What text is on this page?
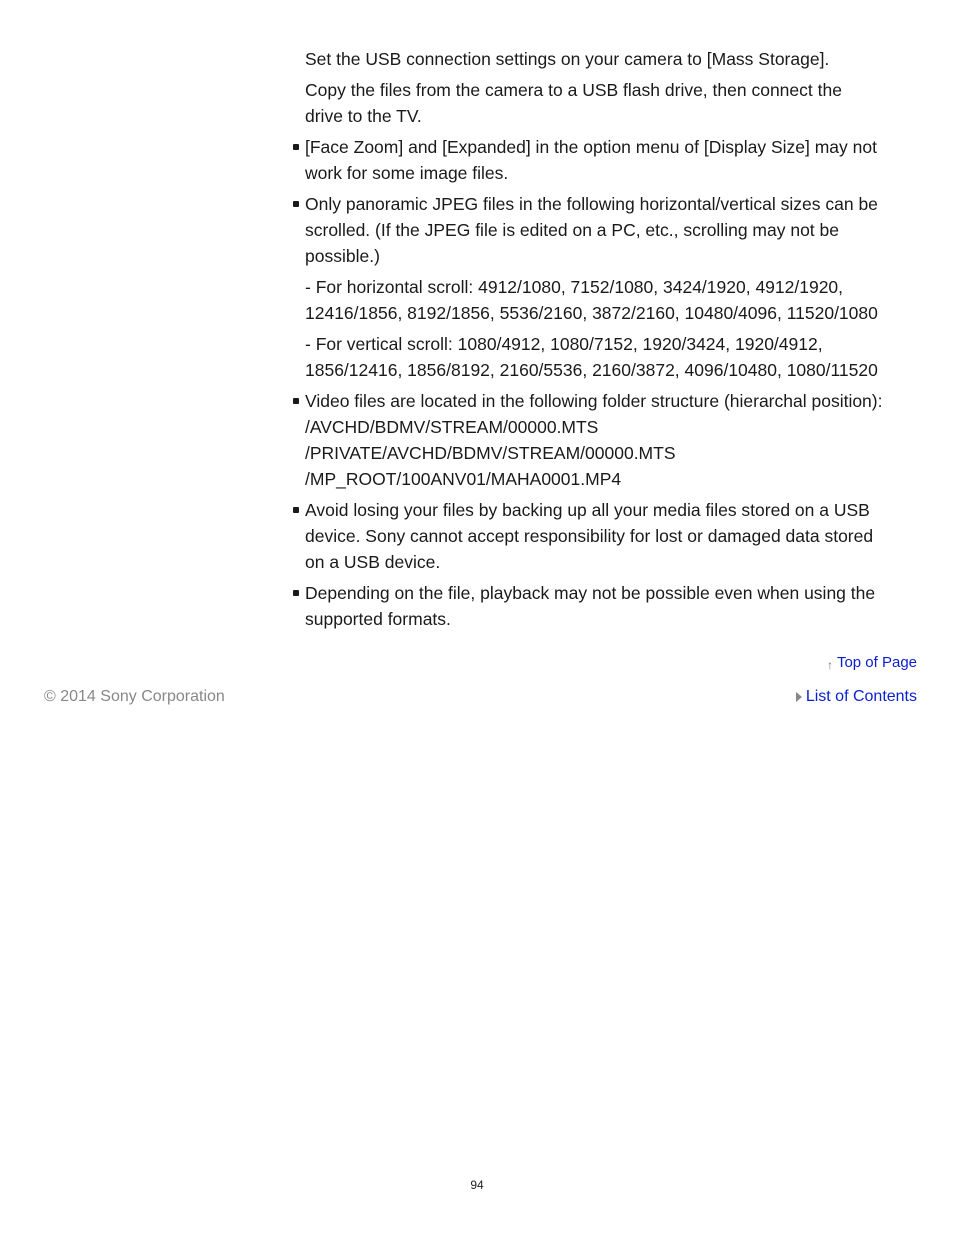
Set the USB connection settings on your camera to [Mass Storage].
Copy the files from the camera to a USB flash drive, then connect the
drive to the TV.
[Face Zoom] and [Expanded] in the option menu of [Display Size] may not
work for some image files.
Only panoramic JPEG files in the following horizontal/vertical sizes can be
scrolled. (If the JPEG file is edited on a PC, etc., scrolling may not be
possible.)
- For horizontal scroll: 4912/1080, 7152/1080, 3424/1920, 4912/1920,
12416/1856, 8192/1856, 5536/2160, 3872/2160, 10480/4096, 11520/1080
- For vertical scroll: 1080/4912, 1080/7152, 1920/3424, 1920/4912,
1856/12416, 1856/8192, 2160/5536, 2160/3872, 4096/10480, 1080/11520
Video files are located in the following folder structure (hierarchal position):
/AVCHD/BDMV/STREAM/00000.MTS
/PRIVATE/AVCHD/BDMV/STREAM/00000.MTS
/MP_ROOT/100ANV01/MAHA0001.MP4
Avoid losing your files by backing up all your media files stored on a USB
device. Sony cannot accept responsibility for lost or damaged data stored
on a USB device.
Depending on the file, playback may not be possible even when using the
supported formats.
↑ Top of Page
© 2014 Sony Corporation	List of Contents
94
